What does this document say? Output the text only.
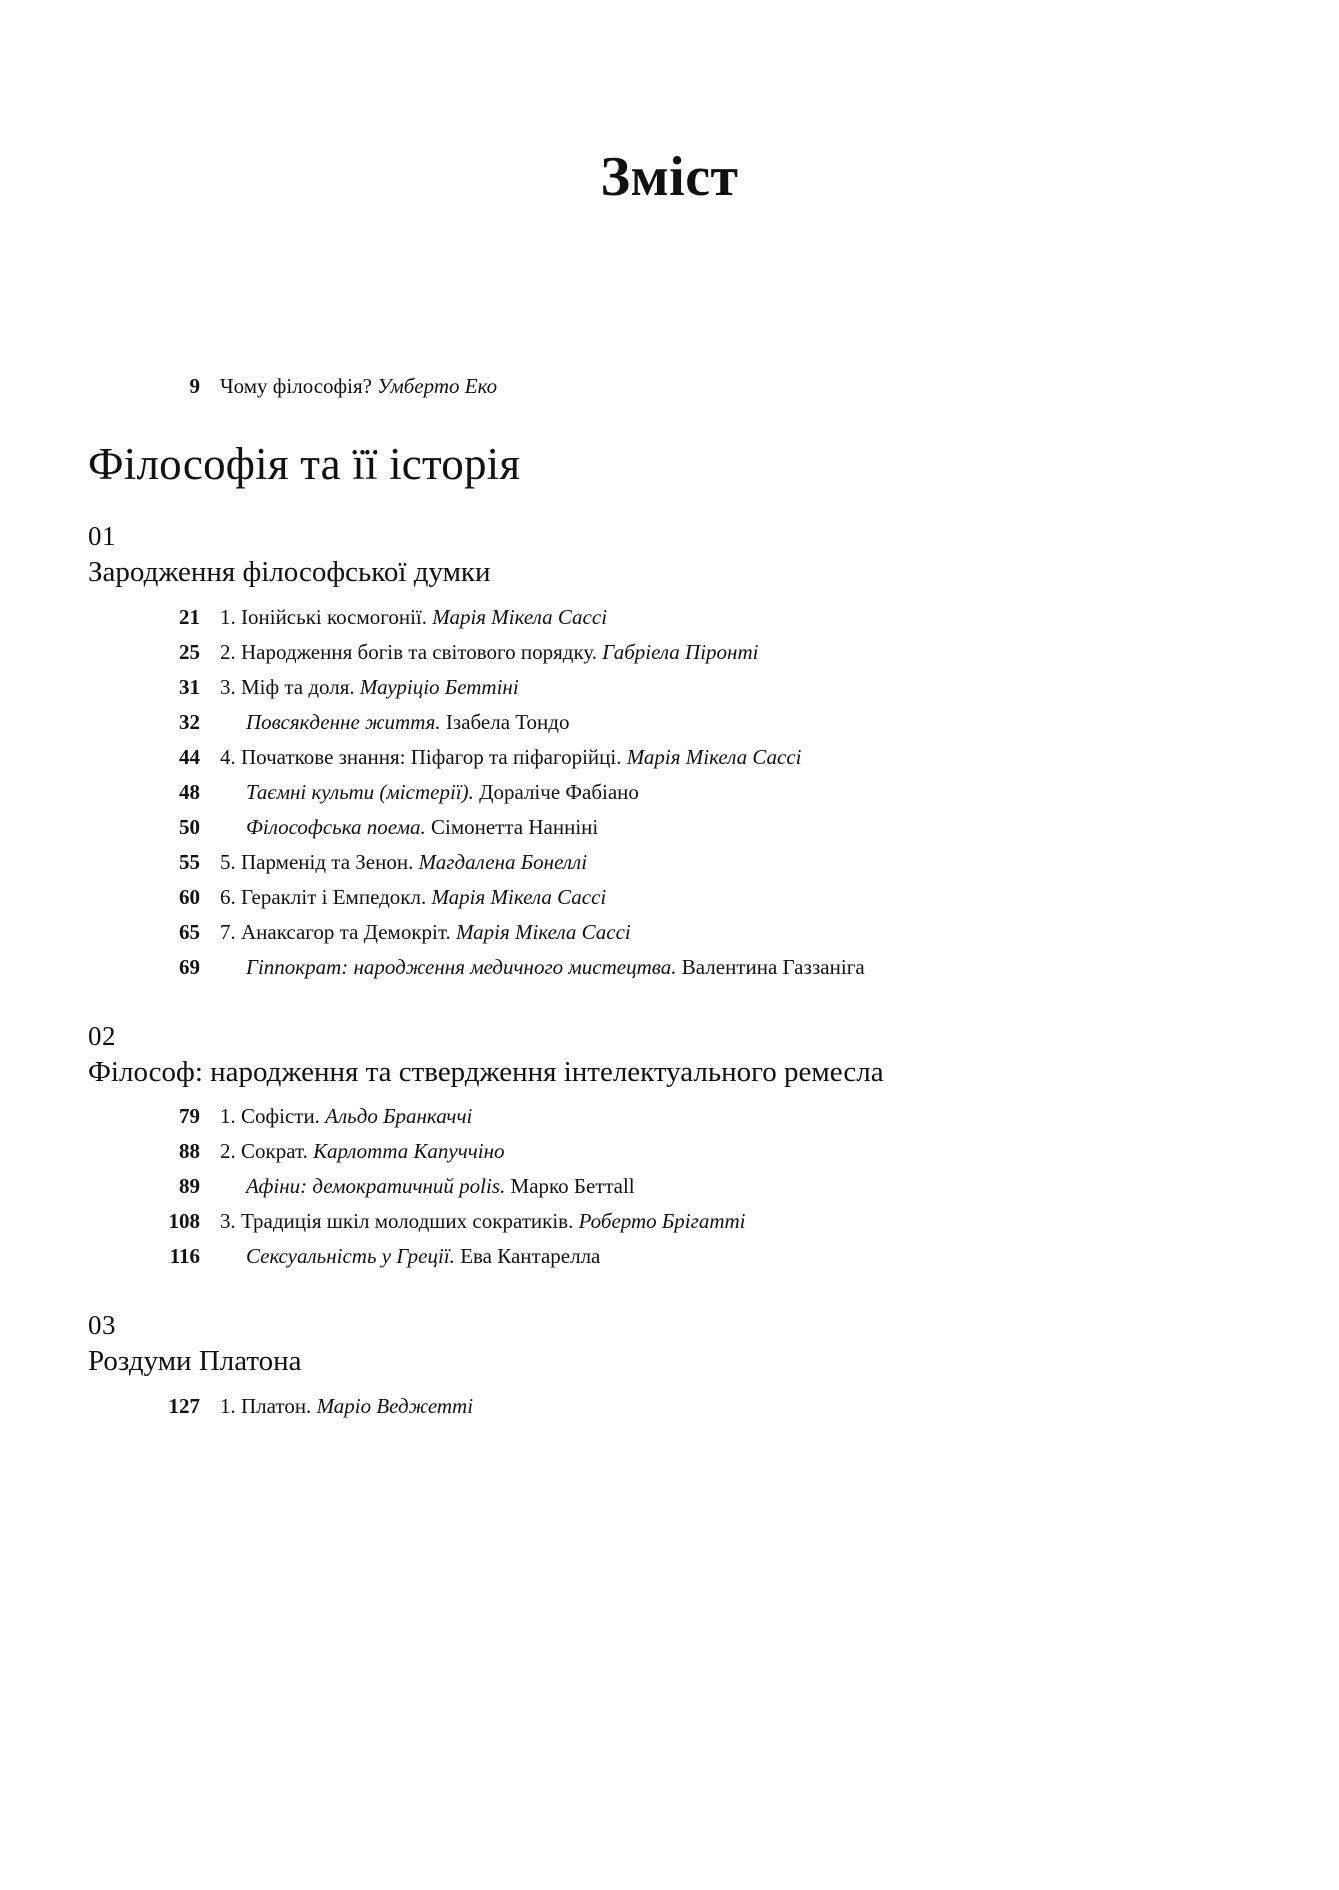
Зміст
9 Чому філософія? Умберто Еко
Філософія та її історія
01
Зародження філософської думки
21 1. Іонійські космогонії. Марія Мікела Сассі
25 2. Народження богів та світового порядку. Габріела Піронті
31 3. Міф та доля. Мауріціо Беттіні
32	Повсякденне життя. Ізабела Тондо
44 4. Початкове знання: Піфагор та піфагорійці. Марія Мікела Сассі
48	Таємні культи (містерії). Дораліче Фабіано
50	Філософська поема. Сімонетта Нанніні
55 5. Парменід та Зенон. Магдалена Бонеллі
60 6. Геракліт і Емпедокл. Марія Мікела Сассі
65 7. Анаксагор та Демокріт. Марія Мікела Сассі
69	Гіппократ: народження медичного мистецтва. Валентина Газзаніга
02
Філософ: народження та ствердження інтелектуального ремесла
79 1. Софісти. Альдо Бранкаччі
88 2. Сократ. Карлотта Капуччіно
89	Афіни: демократичний polis. Марко Беттall
108 3. Традиція шкіл молодших сократиків. Роберто Брігатті
116	Сексуальність у Греції. Ева Кантарелла
03
Роздуми Платона
127 1. Платон. Маріо Веджетті
